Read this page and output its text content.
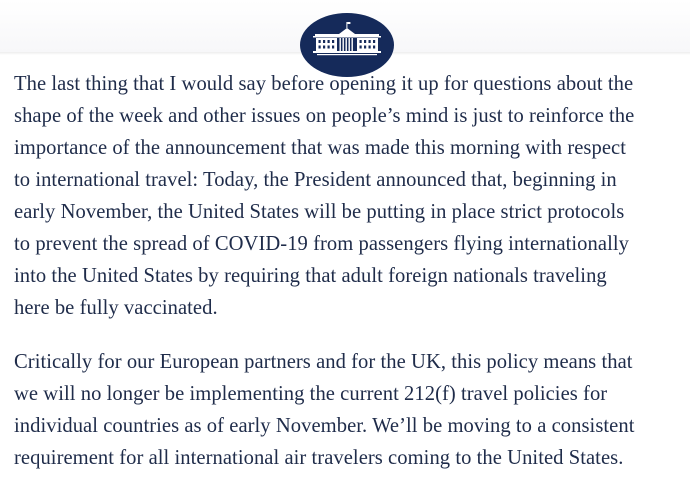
The last thing that I would say before opening it up for questions about the
shape of the week and other issues on people’s mind is just to reinforce the
importance of the announcement that was made this morning with respect
to international travel: Today, the President announced that, beginning in
early November, the United States will be putting in place strict protocols
to prevent the spread of COVID-19 from passengers flying internationally
into the United States by requiring that adult foreign nationals traveling
here be fully vaccinated.

Critically for our European partners and for the UK, this policy means that
we will no longer be implementing the current 212(f) travel policies for
individual countries as of early November. We’ll be moving to a consistent
requirement for all international air travelers coming to the United States.
